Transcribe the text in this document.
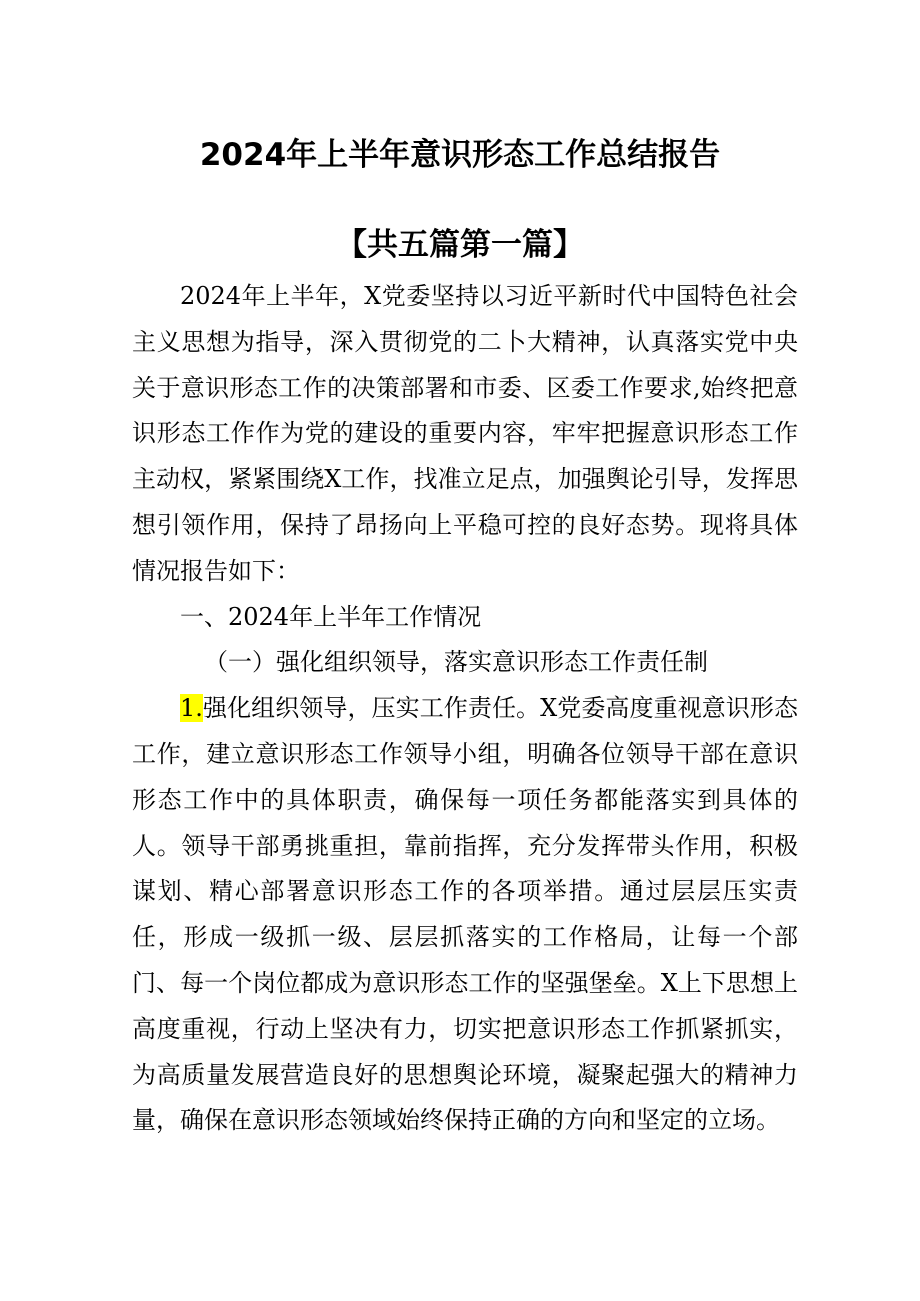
2024年上半年意识形态工作总结报告
【共五篇第一篇】

2024年上半年，X党委坚持以习近平新时代中国特色社会主义思想为指导，深入贯彻党的二卜大精神，认真落实党中央关于意识形态工作的决策部署和市委、区委工作要求,始终把意识形态工作作为党的建设的重要内容，牢牢把握意识形态工作主动权，紧紧围绕X工作，找准立足点，加强舆论引导，发挥思想引领作用，保持了昂扬向上平稳可控的良好态势。现将具体情况报告如下：

一、2024年上半年工作情况

（一）强化组织领导，落实意识形态工作责任制

1.强化组织领导，压实工作责任。X党委高度重视意识形态工作，建立意识形态工作领导小组，明确各位领导干部在意识形态工作中的具体职责，确保每一项任务都能落实到具体的人。领导干部勇挑重担，靠前指挥，充分发挥带头作用，积极谋划、精心部署意识形态工作的各项举措。通过层层压实责任，形成一级抓一级、层层抓落实的工作格局，让每一个部门、每一个岗位都成为意识形态工作的坚强堡垒。X上下思想上高度重视，行动上坚决有力，切实把意识形态工作抓紧抓实，为高质量发展营造良好的思想舆论环境，凝聚起强大的精神力量，确保在意识形态领域始终保持正确的方向和坚定的立场。
